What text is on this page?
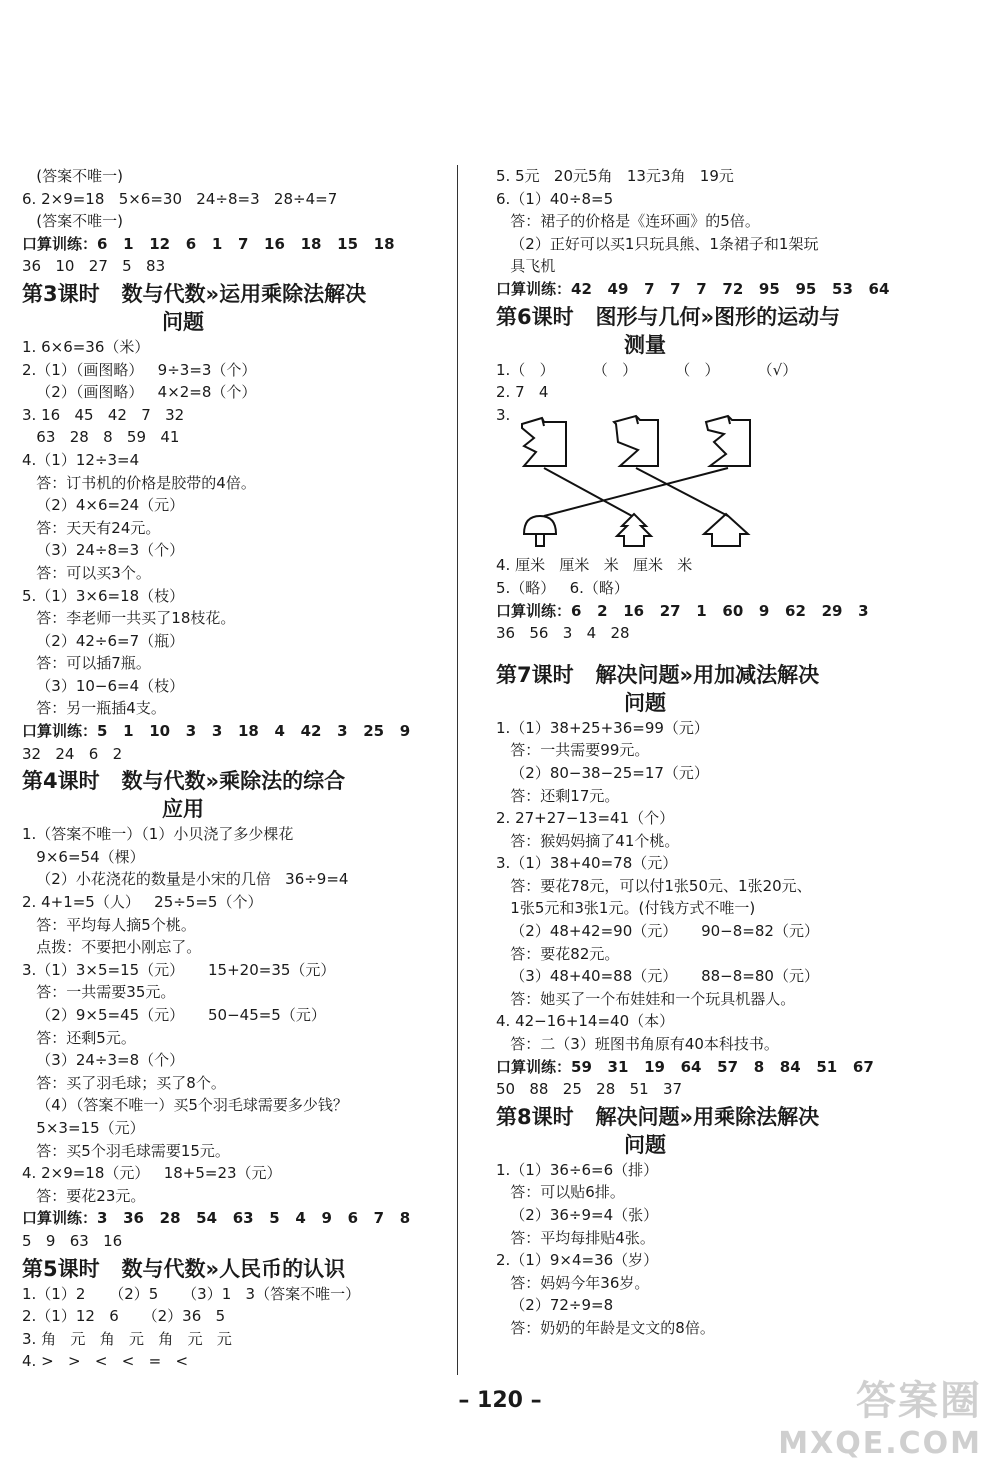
(答案不唯一)
6. 2×9=18   5×6=30   24÷8=3   28÷4=7
(答案不唯一)
口算训练：6   1   12   6   1   7   16   18   15   18
36   10   27   5   83
第3课时   数与代数»运用乘除法解决
问题
1. 6×6=36（米）
2.（1）（画图略）   9÷3=3（个）
（2）（画图略）   4×2=8（个）
3. 16   45   42   7   32
63   28   8   59   41
4.（1）12÷3=4
答：订书机的价格是胶带的4倍。
（2）4×6=24（元）
答：天天有24元。
（3）24÷8=3（个）
答：可以买3个。
5.（1）3×6=18（枝）
答：李老师一共买了18枝花。
（2）42÷6=7（瓶）
答：可以插7瓶。
（3）10−6=4（枝）
答：另一瓶插4支。
口算训练：5   1   10   3   3   18   4   42   3   25   9
32   24   6   2
第4课时   数与代数»乘除法的综合
应用
1.（答案不唯一）（1）小贝浇了多少棵花
9×6=54（棵）
（2）小花浇花的数量是小宋的几倍   36÷9=4
2. 4+1=5（人）   25÷5=5（个）
答：平均每人摘5个桃。
点拨：不要把小刚忘了。
3.（1）3×5=15（元）     15+20=35（元）
答：一共需要35元。
（2）9×5=45（元）     50−45=5（元）
答：还剩5元。
（3）24÷3=8（个）
答：买了羽毛球；买了8个。
（4）（答案不唯一）买5个羽毛球需要多少钱？
5×3=15（元）
答：买5个羽毛球需要15元。
4. 2×9=18（元）   18+5=23（元）
答：要花23元。
口算训练：3   36   28   54   63   5   4   9   6   7   8
5   9   63   16
第5课时   数与代数»人民币的认识
1.（1）2     （2）5     （3）1   3（答案不唯一）
2.（1）12   6     （2）36   5
3. 角   元   角   元   角   元   元
4. >   >   <   <   =   <
5. 5元   20元5角   13元3角   19元
6.（1）40÷8=5
答：裙子的价格是《连环画》的5倍。
（2）正好可以买1只玩具熊、1条裙子和1架玩
具飞机
口算训练：42   49   7   7   7   72   95   95   53   64
第6课时   图形与几何»图形的运动与
测量
1.（   ）        （   ）        （   ）        （√）
2. 7   4
3.
4. 厘米   厘米   米   厘米   米
5.（略）   6.（略）
口算训练：6   2   16   27   1   60   9   62   29   3
36   56   3   4   28
第7课时   解决问题»用加减法解决
问题
1.（1）38+25+36=99（元）
答：一共需要99元。
（2）80−38−25=17（元）
答：还剩17元。
2. 27+27−13=41（个）
答：猴妈妈摘了41个桃。
3.（1）38+40=78（元）
答：要花78元，可以付1张50元、1张20元、
1张5元和3张1元。(付钱方式不唯一)
（2）48+42=90（元）     90−8=82（元）
答：要花82元。
（3）48+40=88（元）     88−8=80（元）
答：她买了一个布娃娃和一个玩具机器人。
4. 42−16+14=40（本）
答：二（3）班图书角原有40本科技书。
口算训练：59   31   19   64   57   8   84   51   67
50   88   25   28   51   37
第8课时   解决问题»用乘除法解决
问题
1.（1）36÷6=6（排）
答：可以贴6排。
（2）36÷9=4（张）
答：平均每排贴4张。
2.（1）9×4=36（岁）
答：妈妈今年36岁。
（2）72÷9=8
答：奶奶的年龄是文文的8倍。
– 120 –	答案圈
MXQE.COM
